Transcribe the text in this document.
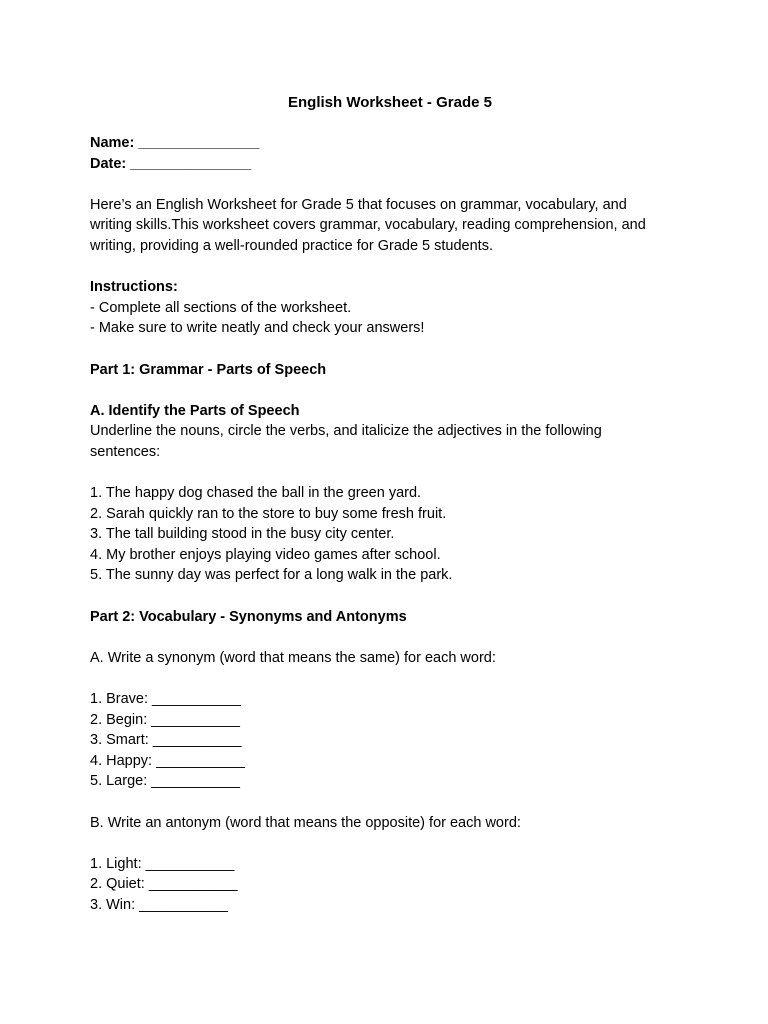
English Worksheet - Grade 5
Name: _______________
Date: _______________
Here’s an English Worksheet for Grade 5 that focuses on grammar, vocabulary, and
writing skills.This worksheet covers grammar, vocabulary, reading comprehension, and
writing, providing a well-rounded practice for Grade 5 students.
Instructions:
- Complete all sections of the worksheet.
- Make sure to write neatly and check your answers!
Part 1: Grammar - Parts of Speech
A. Identify the Parts of Speech
Underline the nouns, circle the verbs, and italicize the adjectives in the following
sentences:
1. The happy dog chased the ball in the green yard.
2. Sarah quickly ran to the store to buy some fresh fruit.
3. The tall building stood in the busy city center.
4. My brother enjoys playing video games after school.
5. The sunny day was perfect for a long walk in the park.
Part 2: Vocabulary - Synonyms and Antonyms
A. Write a synonym (word that means the same) for each word:
1. Brave: ___________
2. Begin: ___________
3. Smart: ___________
4. Happy: ___________
5. Large: ___________
B. Write an antonym (word that means the opposite) for each word:
1. Light: ___________
2. Quiet: ___________
3. Win: ___________
